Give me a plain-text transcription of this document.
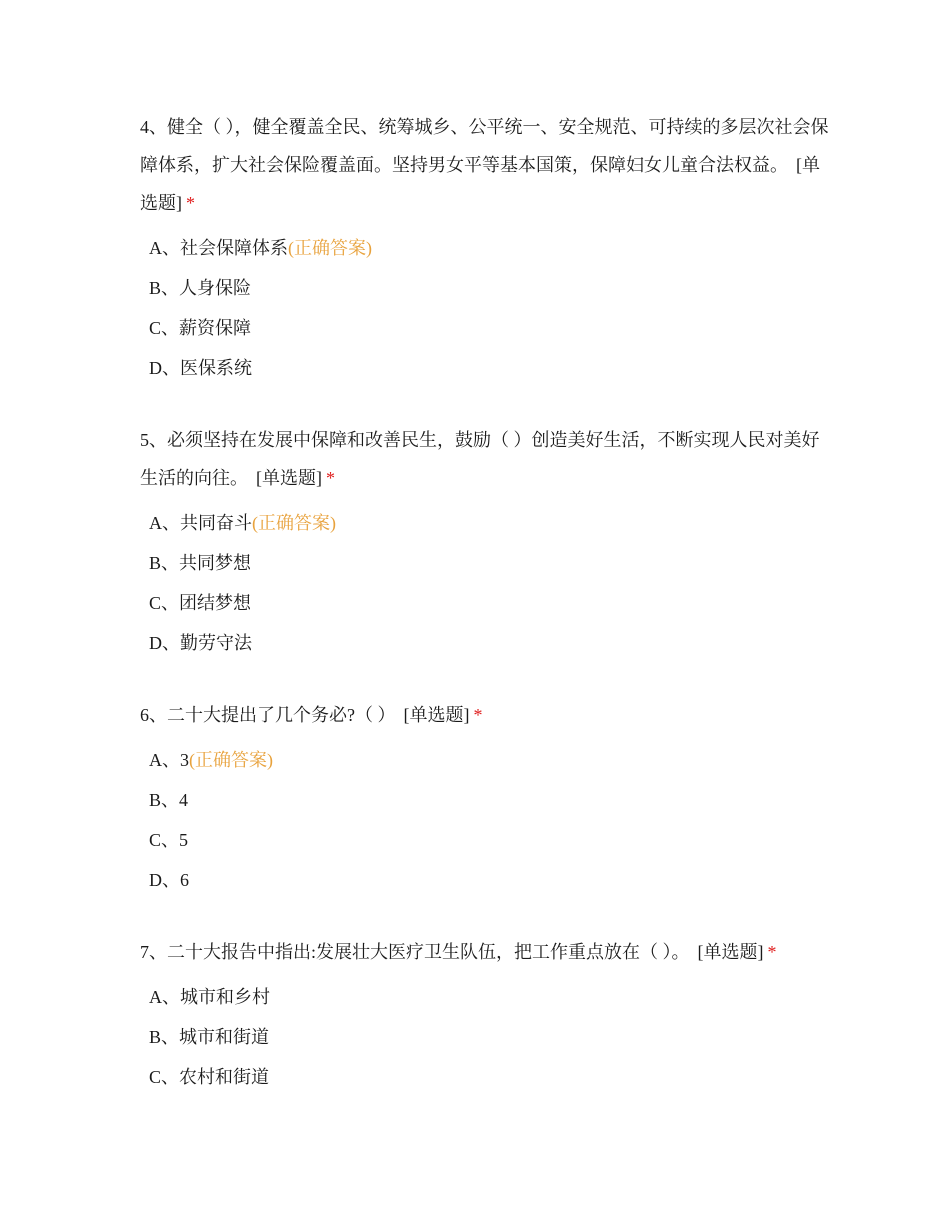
4、健全（ ），健全覆盖全民、统筹城乡、公平统一、安全规范、可持续的多层次社会保障体系，扩大社会保险覆盖面。坚持男女平等基本国策，保障妇女儿童合法权益。 [单选题] *

A、社会保障体系(正确答案)
B、人身保险
C、薪资保障
D、医保系统

5、必须坚持在发展中保障和改善民生，鼓励（ ）创造美好生活，不断实现人民对美好生活的向往。 [单选题] *

A、共同奋斗(正确答案)
B、共同梦想
C、团结梦想
D、勤劳守法

6、二十大提出了几个务必?（ ） [单选题] *

A、3(正确答案)
B、4
C、5
D、6

7、二十大报告中指出:发展壮大医疗卫生队伍，把工作重点放在（ ）。 [单选题] *

A、城市和乡村
B、城市和街道
C、农村和街道
